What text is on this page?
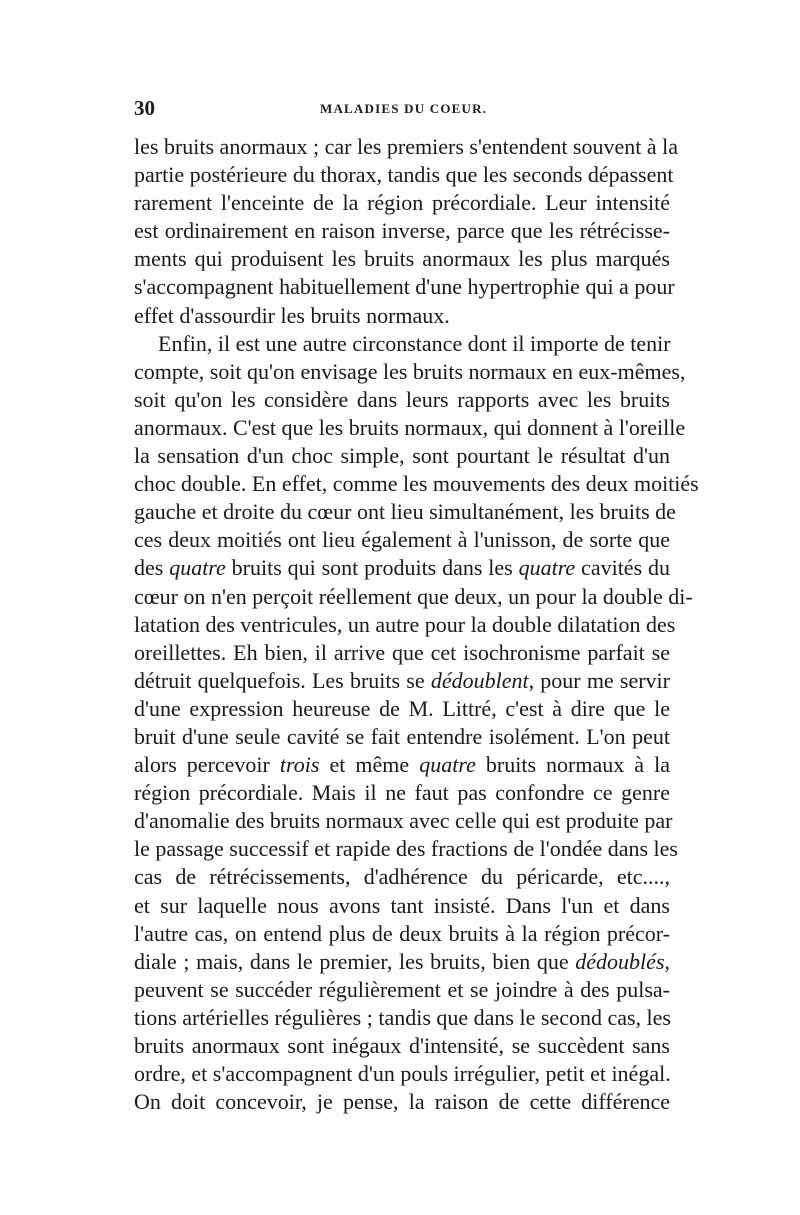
30	MALADIES DU COEUR.
les bruits anormaux ; car les premiers s'entendent souvent à la
partie postérieure du thorax, tandis que les seconds dépassent
rarement l'enceinte de la région précordiale. Leur intensité
est ordinairement en raison inverse, parce que les rétrécisse-
ments qui produisent les bruits anormaux les plus marqués
s'accompagnent habituellement d'une hypertrophie qui a pour
effet d'assourdir les bruits normaux.
Enfin, il est une autre circonstance dont il importe de tenir
compte, soit qu'on envisage les bruits normaux en eux-mêmes,
soit qu'on les considère dans leurs rapports avec les bruits
anormaux. C'est que les bruits normaux, qui donnent à l'oreille
la sensation d'un choc simple, sont pourtant le résultat d'un
choc double. En effet, comme les mouvements des deux moitiés
gauche et droite du cœur ont lieu simultanément, les bruits de
ces deux moitiés ont lieu également à l'unisson, de sorte que
des quatre bruits qui sont produits dans les quatre cavités du
cœur on n'en perçoit réellement que deux, un pour la double di-
latation des ventricules, un autre pour la double dilatation des
oreillettes. Eh bien, il arrive que cet isochronisme parfait se
détruit quelquefois. Les bruits se dédoublent, pour me servir
d'une expression heureuse de M. Littré, c'est à dire que le
bruit d'une seule cavité se fait entendre isolément. L'on peut
alors percevoir trois et même quatre bruits normaux à la
région précordiale. Mais il ne faut pas confondre ce genre
d'anomalie des bruits normaux avec celle qui est produite par
le passage successif et rapide des fractions de l'ondée dans les
cas de rétrécissements, d'adhérence du péricarde, etc....,
et sur laquelle nous avons tant insisté. Dans l'un et dans
l'autre cas, on entend plus de deux bruits à la région précor-
diale ; mais, dans le premier, les bruits, bien que dédoublés,
peuvent se succéder régulièrement et se joindre à des pulsa-
tions artérielles régulières ; tandis que dans le second cas, les
bruits anormaux sont inégaux d'intensité, se succèdent sans
ordre, et s'accompagnent d'un pouls irrégulier, petit et inégal.
On doit concevoir, je pense, la raison de cette différence
